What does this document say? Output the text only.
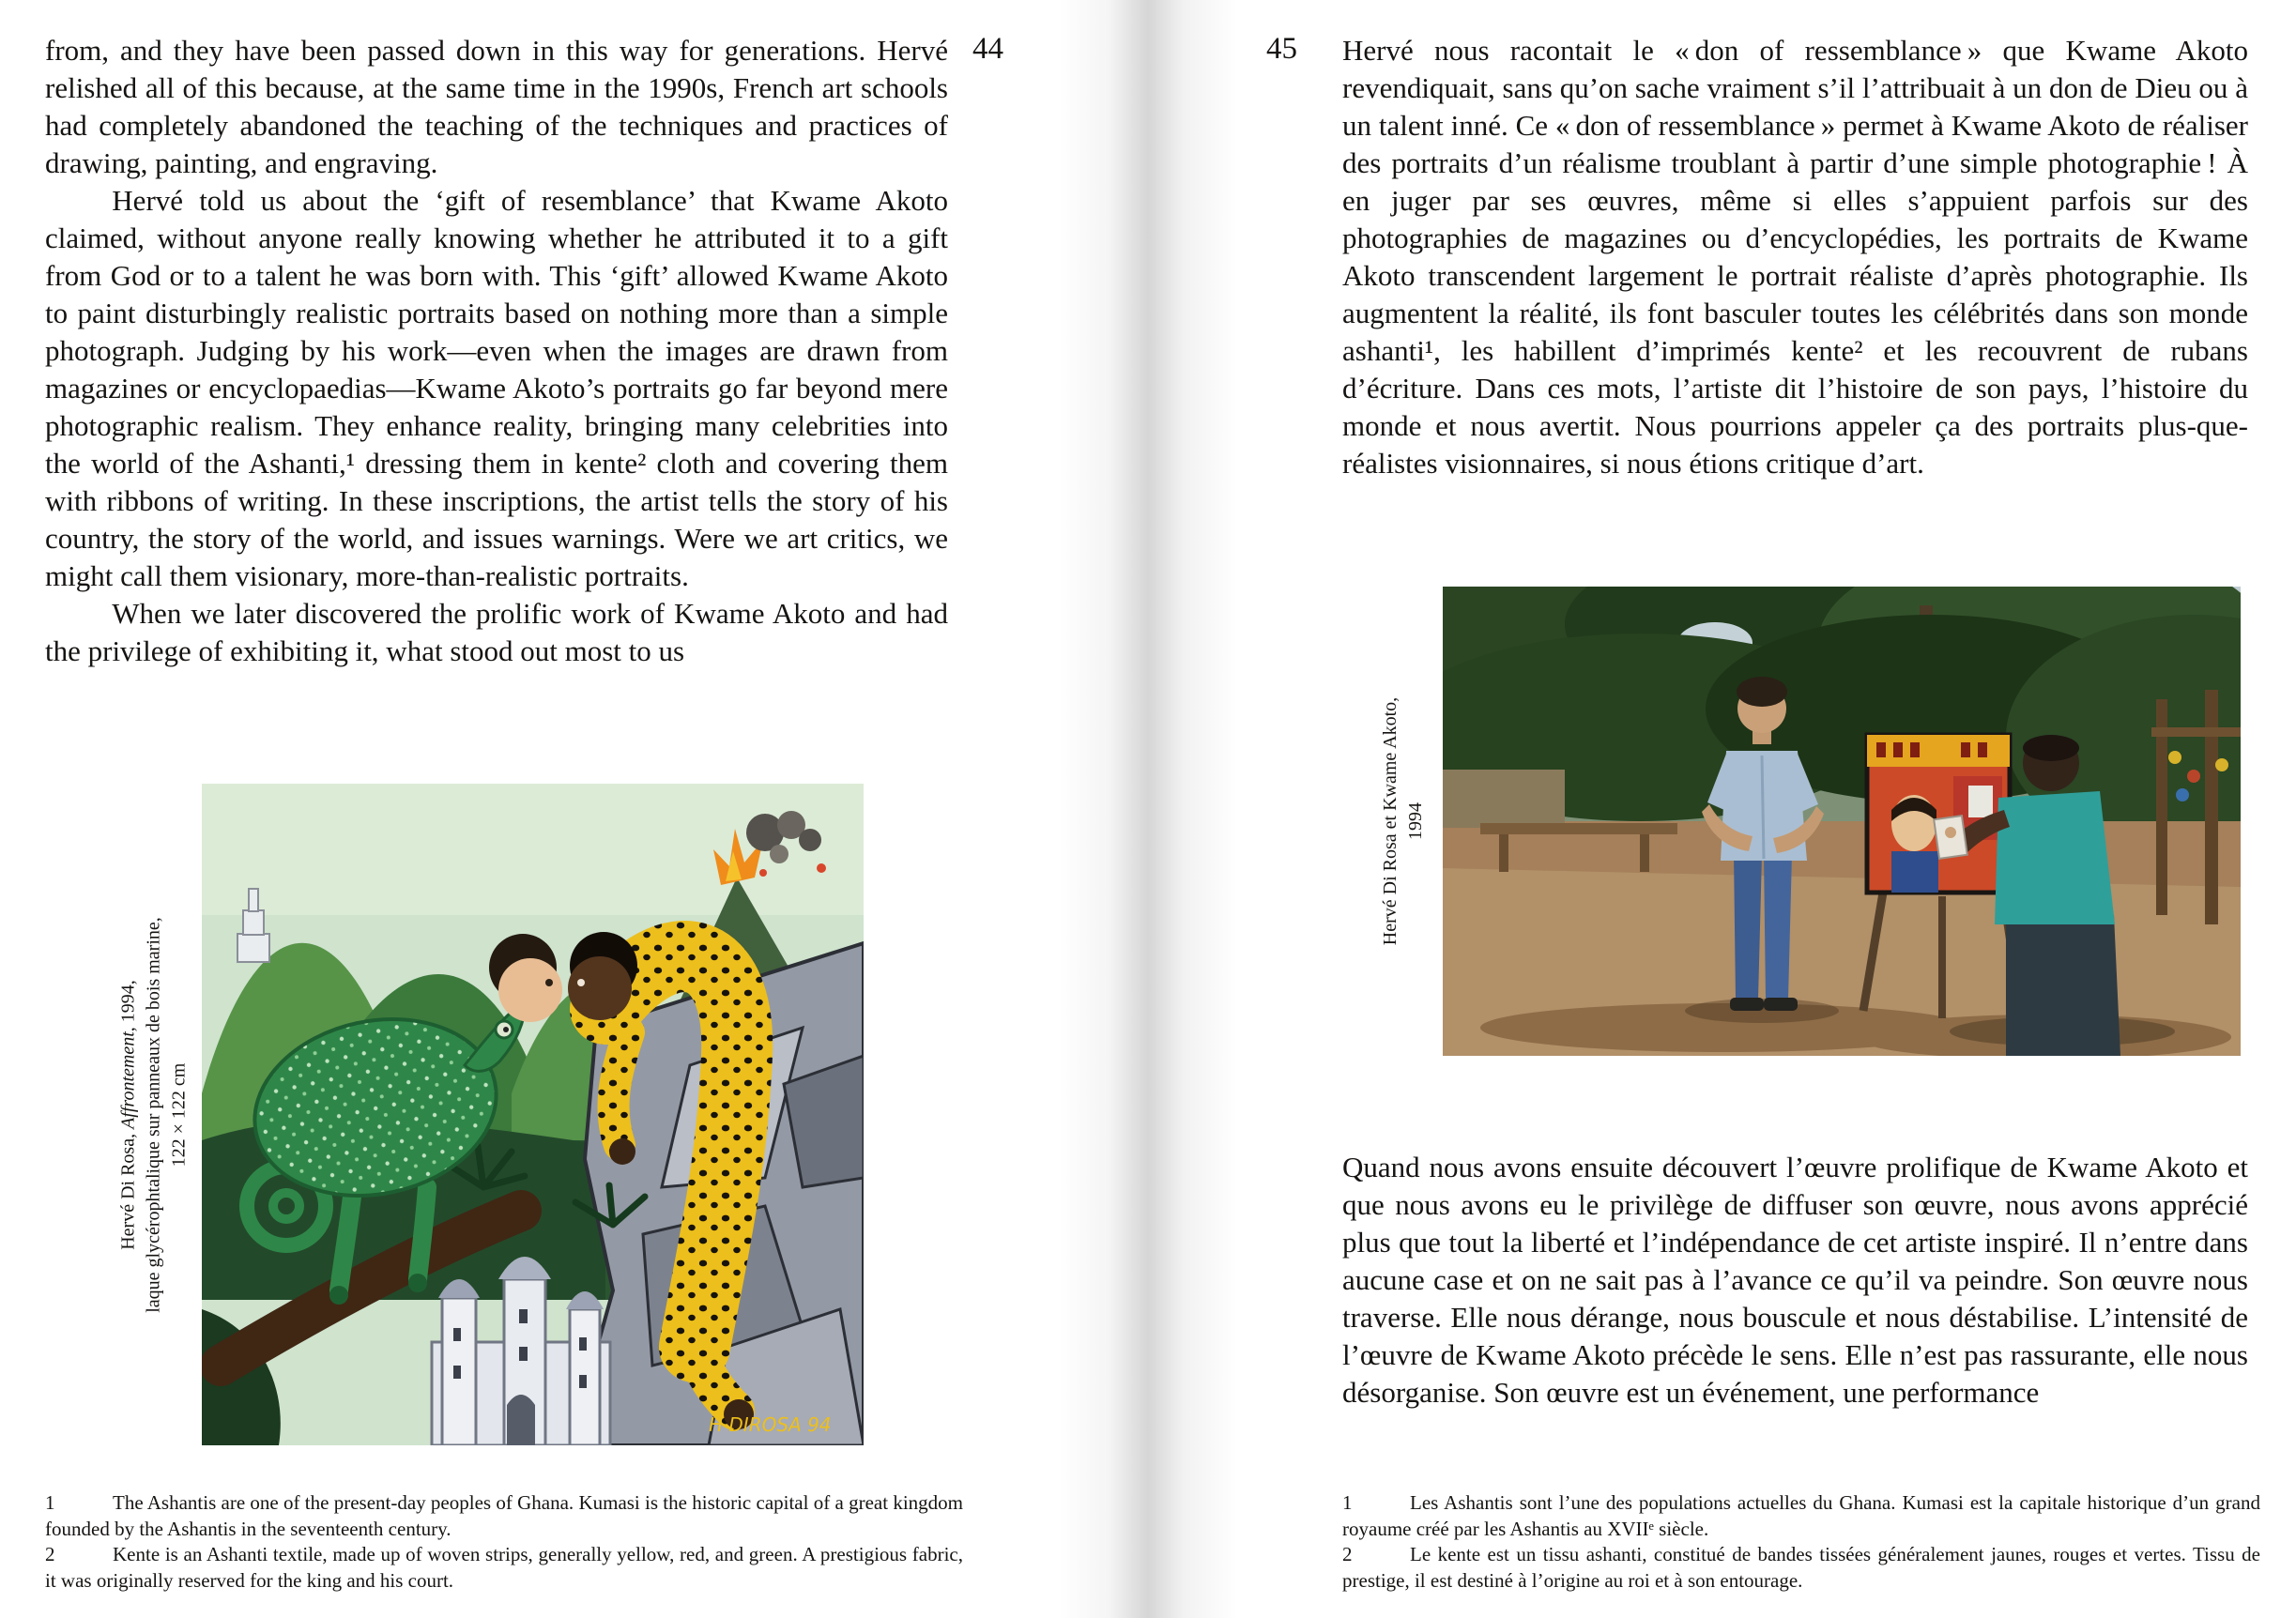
from, and they have been passed down in this way for generations. Hervé relished all of this because, at the same time in the 1990s, French art schools had completely abandoned the teaching of the techniques and practices of drawing, painting, and engraving.

Hervé told us about the ‘gift of resemblance’ that Kwame Akoto claimed, without anyone really knowing whether he attributed it to a gift from God or to a talent he was born with. This ‘gift’ allowed Kwame Akoto to paint disturbingly realistic portraits based on nothing more than a simple photograph. Judging by his work—even when the images are drawn from magazines or encyclopaedias—Kwame Akoto’s portraits go far beyond mere photographic realism. They enhance reality, bringing many celebrities into the world of the Ashanti,¹ dressing them in kente² cloth and covering them with ribbons of writing. In these inscriptions, the artist tells the story of his country, the story of the world, and issues warnings. Were we art critics, we might call them visionary, more-than-realistic portraits.

When we later discovered the prolific work of Kwame Akoto and had the privilege of exhibiting it, what stood out most to us

44
Hervé Di Rosa, Affrontement, 1994, laque glycérophtalique sur panneaux de bois marine, 122 × 122 cm
H DIROSA 94

1	The Ashantis are one of the present-day peoples of Ghana. Kumasi is the historic capital of a great kingdom founded by the Ashantis in the seventeenth century.

2	Kente is an Ashanti textile, made up of woven strips, generally yellow, red, and green. A prestigious fabric, it was originally reserved for the king and his court.

45 Hervé nous racontait le « don of ressemblance » que Kwame Akoto revendiquait, sans qu’on sache vraiment s’il l’attribuait à un don de Dieu ou à un talent inné. Ce « don of ressemblance » permet à Kwame Akoto de réaliser des portraits d’un réalisme troublant à partir d’une simple photographie ! À en juger par ses œuvres, même si elles s’appuient parfois sur des photographies de magazines ou d’encyclopédies, les portraits de Kwame Akoto transcendent largement le portrait réaliste d’après photographie. Ils augmentent la réalité, ils font basculer toutes les célébrités dans son monde ashanti¹, les habillent d’imprimés kente² et les recouvrent de rubans d’écriture. Dans ces mots, l’artiste dit l’histoire de son pays, l’histoire du monde et nous avertit. Nous pourrions appeler ça des portraits plus-que-réalistes visionnaires, si nous étions critique d’art.

Hervé Di Rosa et Kwame Akoto, 1994

Quand nous avons ensuite découvert l’œuvre prolifique de Kwame Akoto et que nous avons eu le privilège de diffuser son œuvre, nous avons apprécié plus que tout la liberté et l’indépendance de cet artiste inspiré. Il n’entre dans aucune case et on ne sait pas à l’avance ce qu’il va peindre. Son œuvre nous traverse. Elle nous dérange, nous bouscule et nous déstabilise. L’intensité de l’œuvre de Kwame Akoto précède le sens. Elle n’est pas rassurante, elle nous désorganise. Son œuvre est un événement, une performance

1	Les Ashantis sont l’une des populations actuelles du Ghana. Kumasi est la capitale historique d’un grand royaume créé par les Ashantis au XVIIᵉ siècle.

2	Le kente est un tissu ashanti, constitué de bandes tissées généralement jaunes, rouges et vertes. Tissu de prestige, il est destiné à l’origine au roi et à son entourage.
